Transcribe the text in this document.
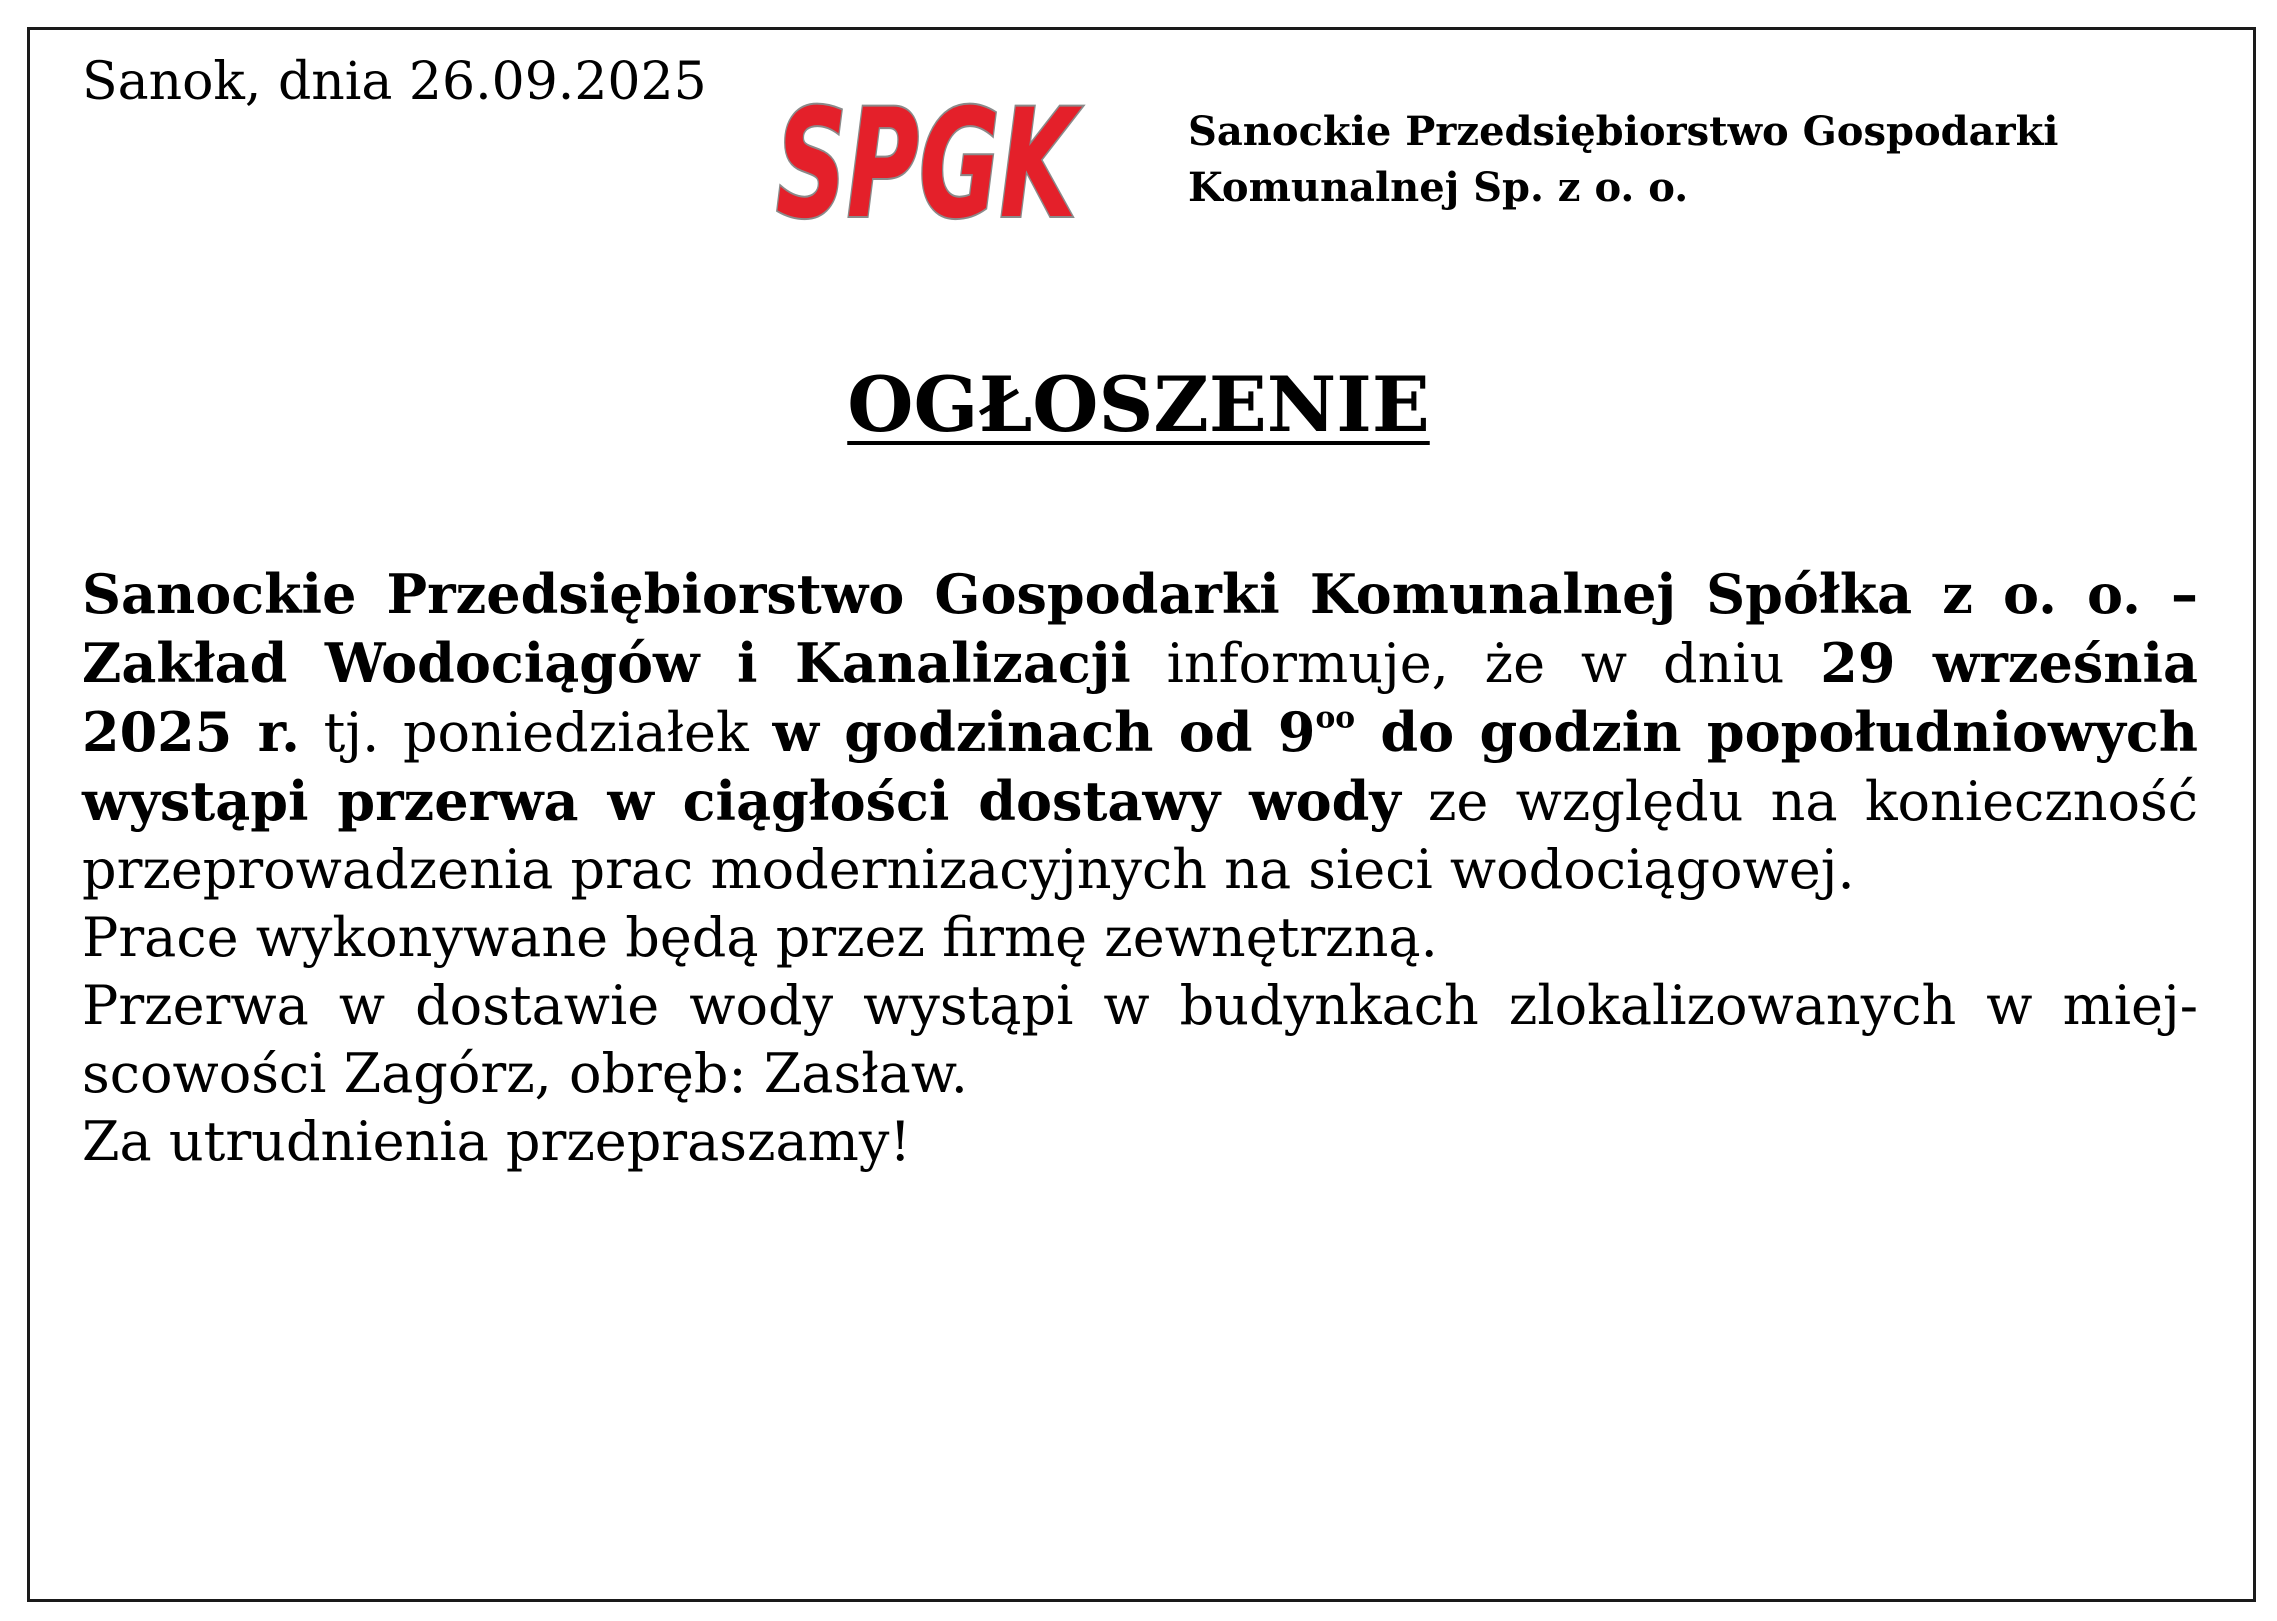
Sanok, dnia 26.09.2025 SPGK	Sanockie Przedsiębiorstwo Gospodarki
Komunalnej Sp. z o. o.
OGŁOSZENIE

Sanockie Przedsiębiorstwo Gospodarki Komunalnej Spółka z o. o. – Zakład Wodociągów i Kanalizacji informuje, że w dniu 29 września 2025 r. tj. poniedziałek w godzinach od $9^{oo}$ do godzin popołudniowych wystąpi przerwa w ciągłości dostawy wody ze względu na konieczność przeprowadzenia prac modernizacyjnych na sieci wodociągowej.

Prace wykonywane będą przez firmę zewnętrzną.

Przerwa w dostawie wody wystąpi w budynkach zlokalizowanych w miej-scowości Zagórz, obręb: Zasław.

Za utrudnienia przepraszamy!
